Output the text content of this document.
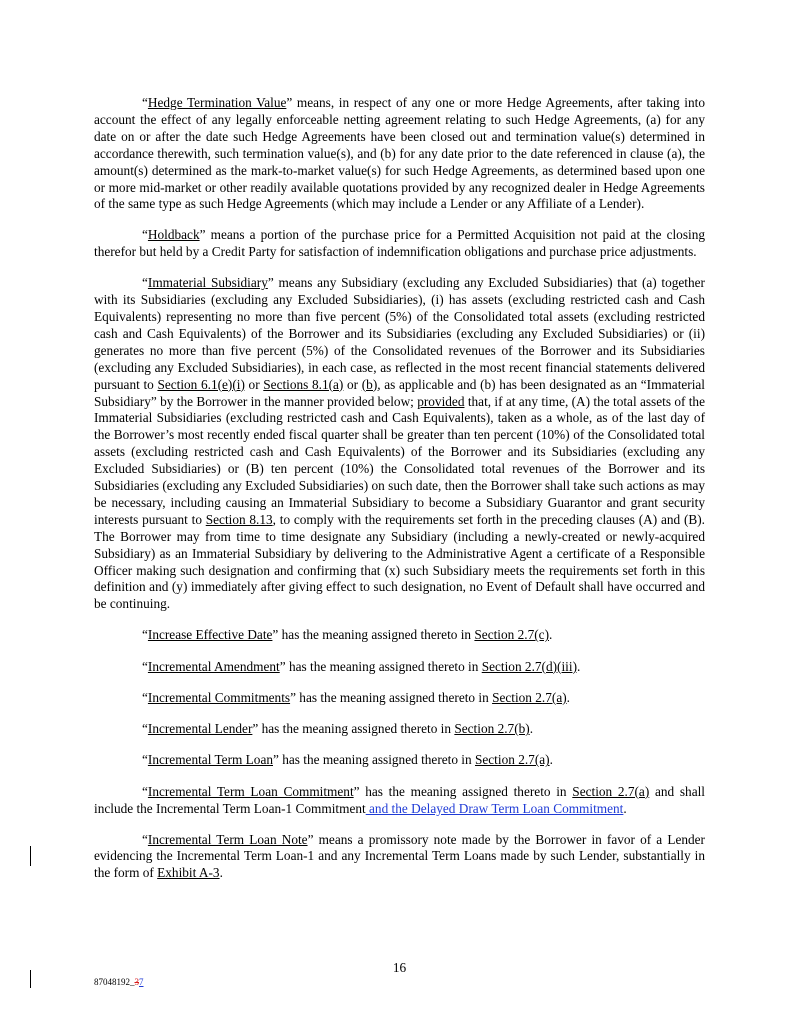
“Hedge Termination Value” means, in respect of any one or more Hedge Agreements, after taking into account the effect of any legally enforceable netting agreement relating to such Hedge Agreements, (a) for any date on or after the date such Hedge Agreements have been closed out and termination value(s) determined in accordance therewith, such termination value(s), and (b) for any date prior to the date referenced in clause (a), the amount(s) determined as the mark-to-market value(s) for such Hedge Agreements, as determined based upon one or more mid-market or other readily available quotations provided by any recognized dealer in Hedge Agreements of the same type as such Hedge Agreements (which may include a Lender or any Affiliate of a Lender).

“Holdback” means a portion of the purchase price for a Permitted Acquisition not paid at the closing therefor but held by a Credit Party for satisfaction of indemnification obligations and purchase price adjustments.

“Immaterial Subsidiary” means any Subsidiary (excluding any Excluded Subsidiaries) that (a) together with its Subsidiaries (excluding any Excluded Subsidiaries), (i) has assets (excluding restricted cash and Cash Equivalents) representing no more than five percent (5%) of the Consolidated total assets (excluding restricted cash and Cash Equivalents) of the Borrower and its Subsidiaries (excluding any Excluded Subsidiaries) or (ii) generates no more than five percent (5%) of the Consolidated revenues of the Borrower and its Subsidiaries (excluding any Excluded Subsidiaries), in each case, as reflected in the most recent financial statements delivered pursuant to Section 6.1(e)(i) or Sections 8.1(a) or (b), as applicable and (b) has been designated as an “Immaterial Subsidiary” by the Borrower in the manner provided below; provided that, if at any time, (A) the total assets of the Immaterial Subsidiaries (excluding restricted cash and Cash Equivalents), taken as a whole, as of the last day of the Borrower’s most recently ended fiscal quarter shall be greater than ten percent (10%) of the Consolidated total assets (excluding restricted cash and Cash Equivalents) of the Borrower and its Subsidiaries (excluding any Excluded Subsidiaries) or (B) ten percent (10%) the Consolidated total revenues of the Borrower and its Subsidiaries (excluding any Excluded Subsidiaries) on such date, then the Borrower shall take such actions as may be necessary, including causing an Immaterial Subsidiary to become a Subsidiary Guarantor and grant security interests pursuant to Section 8.13, to comply with the requirements set forth in the preceding clauses (A) and (B). The Borrower may from time to time designate any Subsidiary (including a newly-created or newly-acquired Subsidiary) as an Immaterial Subsidiary by delivering to the Administrative Agent a certificate of a Responsible Officer making such designation and confirming that (x) such Subsidiary meets the requirements set forth in this definition and (y) immediately after giving effect to such designation, no Event of Default shall have occurred and be continuing.

“Increase Effective Date” has the meaning assigned thereto in Section 2.7(c).

“Incremental Amendment” has the meaning assigned thereto in Section 2.7(d)(iii).

“Incremental Commitments” has the meaning assigned thereto in Section 2.7(a).

“Incremental Lender” has the meaning assigned thereto in Section 2.7(b).

“Incremental Term Loan” has the meaning assigned thereto in Section 2.7(a).

“Incremental Term Loan Commitment” has the meaning assigned thereto in Section 2.7(a) and shall include the Incremental Term Loan-1 Commitment and the Delayed Draw Term Loan Commitment.

“Incremental Term Loan Note” means a promissory note made by the Borrower in favor of a Lender evidencing the Incremental Term Loan-1 and any Incremental Term Loans made by such Lender, substantially in the form of Exhibit A-3.

16
87048192_37
